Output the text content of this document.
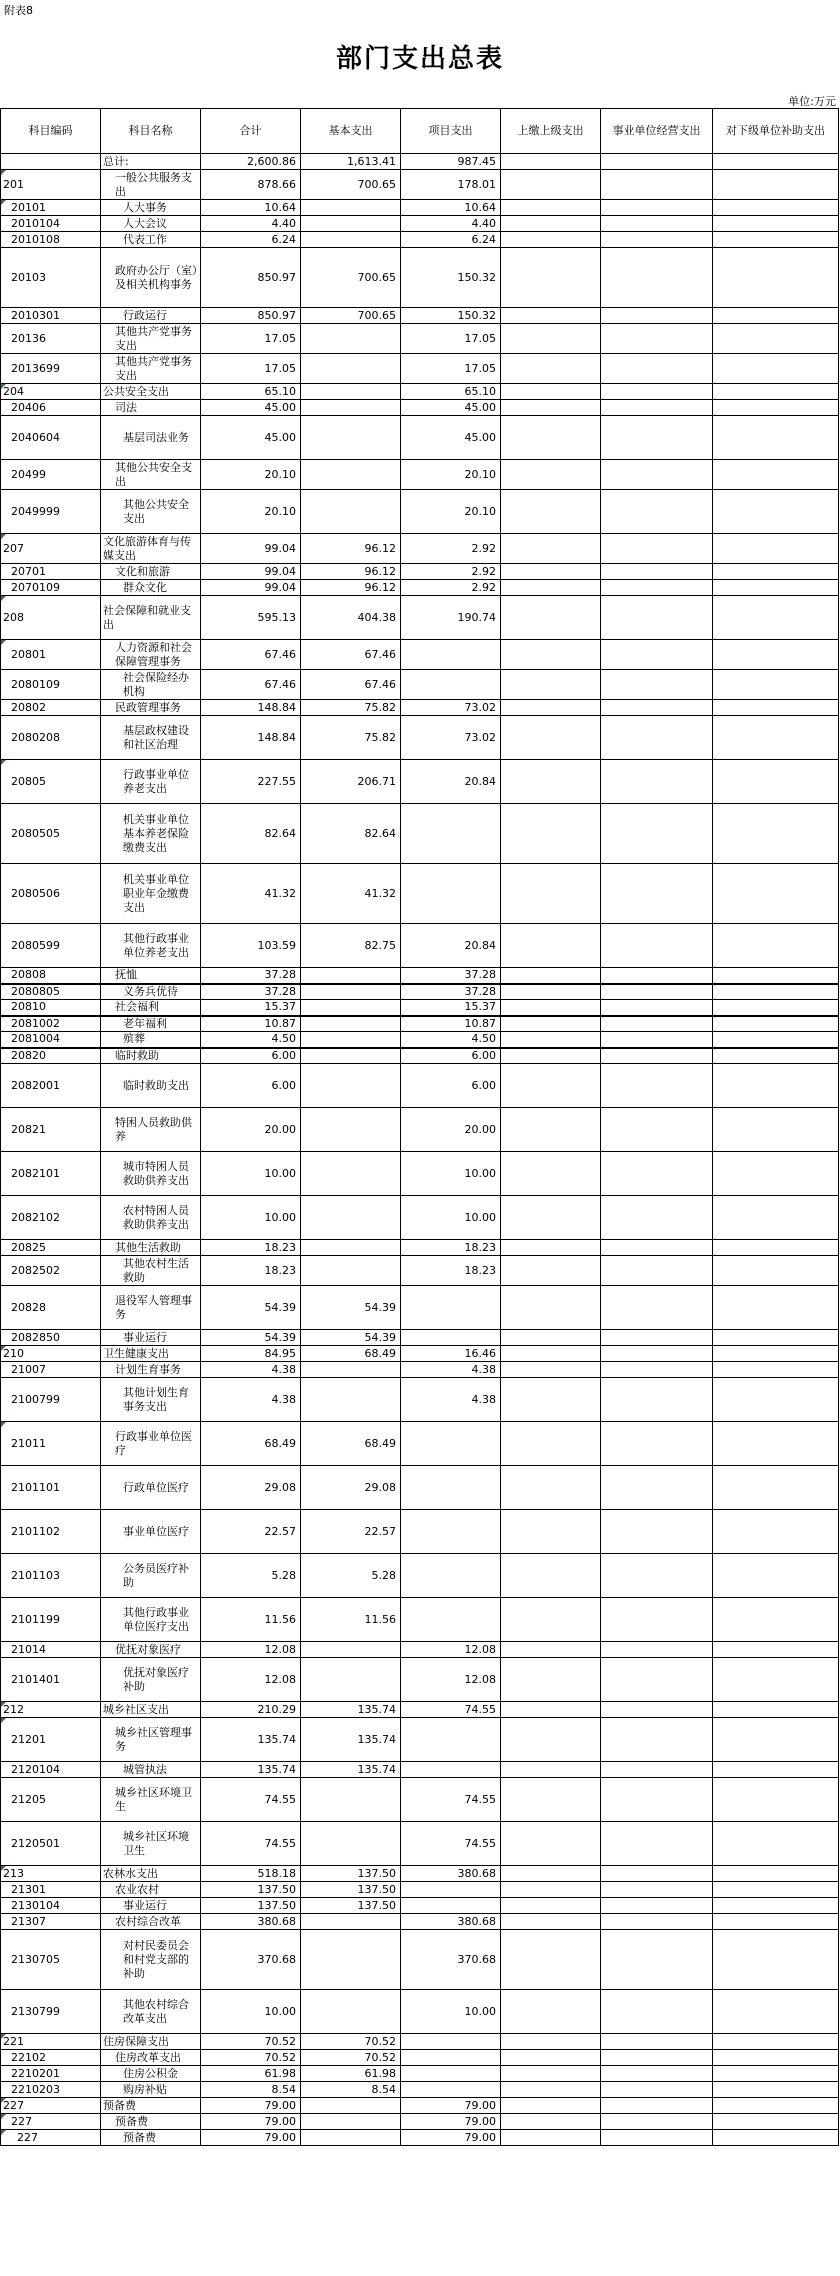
附表8
部门支出总表
单位:万元
科目编码	科目名称	合计	基本支出	项目支出	上缴上级支出	事业单位经营支出	对下级单位补助支出
	总计:	2,600.86	1,613.41	987.45			
201	一般公共服务支出	878.66	700.65	178.01			
20101	人大事务	10.64		10.64			
2010104	人大会议	4.40		4.40			
2010108	代表工作	6.24		6.24			
20103	政府办公厅（室）及相关机构事务	850.97	700.65	150.32			
2010301	行政运行	850.97	700.65	150.32			
20136	其他共产党事务支出	17.05		17.05			
2013699	其他共产党事务支出	17.05		17.05			
204	公共安全支出	65.10		65.10			
20406	司法	45.00		45.00			
2040604	基层司法业务	45.00		45.00			
20499	其他公共安全支出	20.10		20.10			
2049999	其他公共安全支出	20.10		20.10			
207	文化旅游体育与传媒支出	99.04	96.12	2.92			
20701	文化和旅游	99.04	96.12	2.92			
2070109	群众文化	99.04	96.12	2.92			
208	社会保障和就业支出	595.13	404.38	190.74			
20801	人力资源和社会保障管理事务	67.46	67.46				
2080109	社会保险经办机构	67.46	67.46				
20802	民政管理事务	148.84	75.82	73.02			
2080208	基层政权建设和社区治理	148.84	75.82	73.02			
20805	行政事业单位养老支出	227.55	206.71	20.84			
2080505	机关事业单位基本养老保险缴费支出	82.64	82.64				
2080506	机关事业单位职业年金缴费支出	41.32	41.32				
2080599	其他行政事业单位养老支出	103.59	82.75	20.84			
20808	抚恤	37.28		37.28			
2080805	义务兵优待	37.28		37.28			
20810	社会福利	15.37		15.37			
2081002	老年福利	10.87		10.87			
2081004	殡葬	4.50		4.50			
20820	临时救助	6.00		6.00			
2082001	临时救助支出	6.00		6.00			
20821	特困人员救助供养	20.00		20.00			
2082101	城市特困人员救助供养支出	10.00		10.00			
2082102	农村特困人员救助供养支出	10.00		10.00			
20825	其他生活救助	18.23		18.23			
2082502	其他农村生活救助	18.23		18.23			
20828	退役军人管理事务	54.39	54.39				
2082850	事业运行	54.39	54.39				
210	卫生健康支出	84.95	68.49	16.46			
21007	计划生育事务	4.38		4.38			
2100799	其他计划生育事务支出	4.38		4.38			
21011	行政事业单位医疗	68.49	68.49				
2101101	行政单位医疗	29.08	29.08				
2101102	事业单位医疗	22.57	22.57				
2101103	公务员医疗补助	5.28	5.28				
2101199	其他行政事业单位医疗支出	11.56	11.56				
21014	优抚对象医疗	12.08		12.08			
2101401	优抚对象医疗补助	12.08		12.08			
212	城乡社区支出	210.29	135.74	74.55			
21201	城乡社区管理事务	135.74	135.74				
2120104	城管执法	135.74	135.74				
21205	城乡社区环境卫生	74.55		74.55			
2120501	城乡社区环境卫生	74.55		74.55			
213	农林水支出	518.18	137.50	380.68			
21301	农业农村	137.50	137.50				
2130104	事业运行	137.50	137.50				
21307	农村综合改革	380.68		380.68			
2130705	对村民委员会和村党支部的补助	370.68		370.68			
2130799	其他农村综合改革支出	10.00		10.00			
221	住房保障支出	70.52	70.52				
22102	住房改革支出	70.52	70.52				
2210201	住房公积金	61.98	61.98				
2210203	购房补贴	8.54	8.54				
227	预备费	79.00		79.00			
227	预备费	79.00		79.00			
227	预备费	79.00		79.00			
